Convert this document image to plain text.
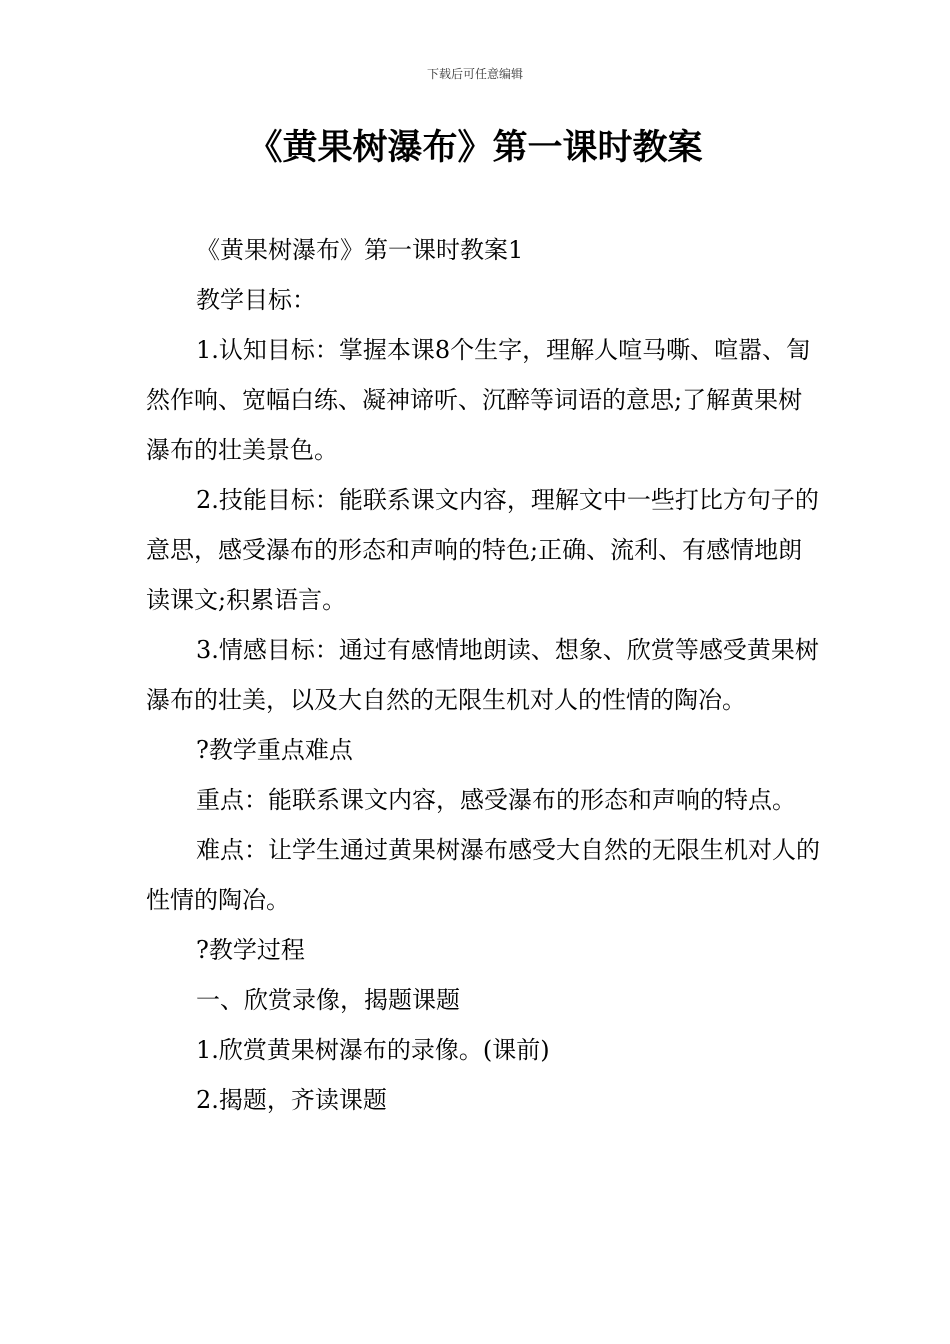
下载后可任意编辑
《黄果树瀑布》第一课时教案

《黄果树瀑布》第一课时教案1

教学目标：

1.认知目标：掌握本课8个生字，理解人喧马嘶、喧嚣、訇然作响、宽幅白练、凝神谛听、沉醉等词语的意思;了解黄果树瀑布的壮美景色。

2.技能目标：能联系课文内容，理解文中一些打比方句子的意思，感受瀑布的形态和声响的特色;正确、流利、有感情地朗读课文;积累语言。

3.情感目标：通过有感情地朗读、想象、欣赏等感受黄果树瀑布的壮美，以及大自然的无限生机对人的性情的陶冶。

?教学重点难点

重点：能联系课文内容，感受瀑布的形态和声响的特点。

难点：让学生通过黄果树瀑布感受大自然的无限生机对人的性情的陶冶。

?教学过程

一、欣赏录像，揭题课题

1.欣赏黄果树瀑布的录像。(课前)

2.揭题，齐读课题
